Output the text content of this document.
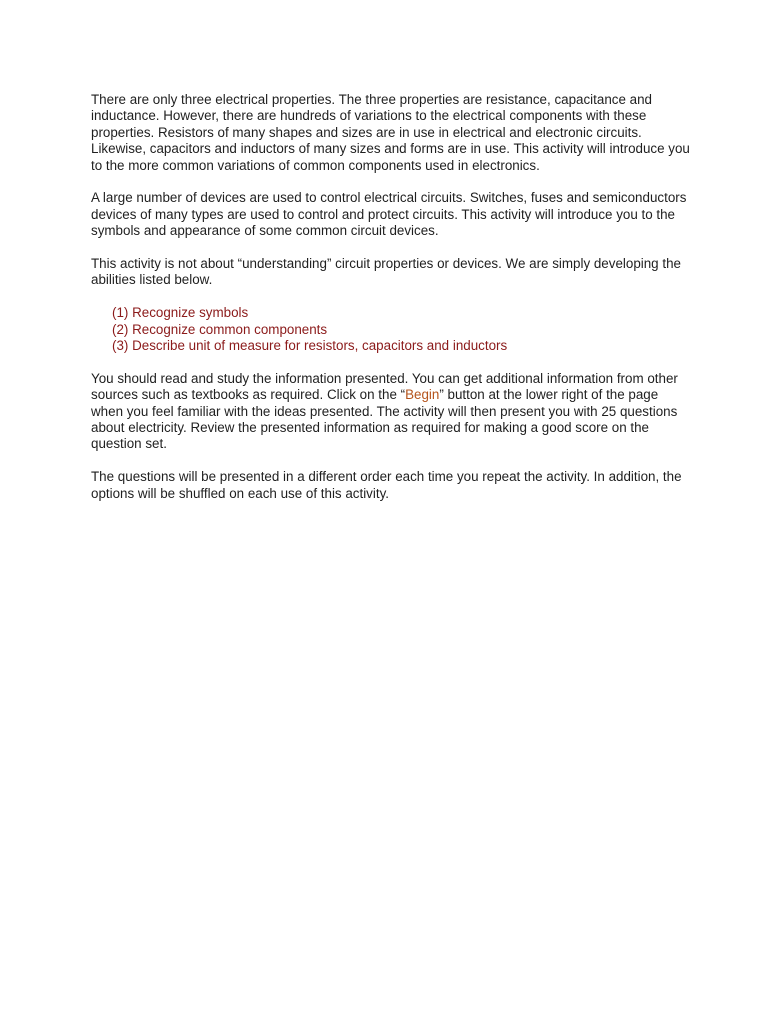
There are only three electrical properties. The three properties are resistance, capacitance and inductance. However, there are hundreds of variations to the electrical components with these properties. Resistors of many shapes and sizes are in use in electrical and electronic circuits. Likewise, capacitors and inductors of many sizes and forms are in use. This activity will introduce you to the more common variations of common components used in electronics.

A large number of devices are used to control electrical circuits. Switches, fuses and semiconductors devices of many types are used to control and protect circuits. This activity will introduce you to the symbols and appearance of some common circuit devices.

This activity is not about “understanding” circuit properties or devices. We are simply developing the abilities listed below.

(1) Recognize symbols
(2) Recognize common components
(3) Describe unit of measure for resistors, capacitors and inductors

You should read and study the information presented. You can get additional information from other sources such as textbooks as required. Click on the “Begin” button at the lower right of the page when you feel familiar with the ideas presented. The activity will then present you with 25 questions about electricity. Review the presented information as required for making a good score on the question set.

The questions will be presented in a different order each time you repeat the activity. In addition, the options will be shuffled on each use of this activity.
